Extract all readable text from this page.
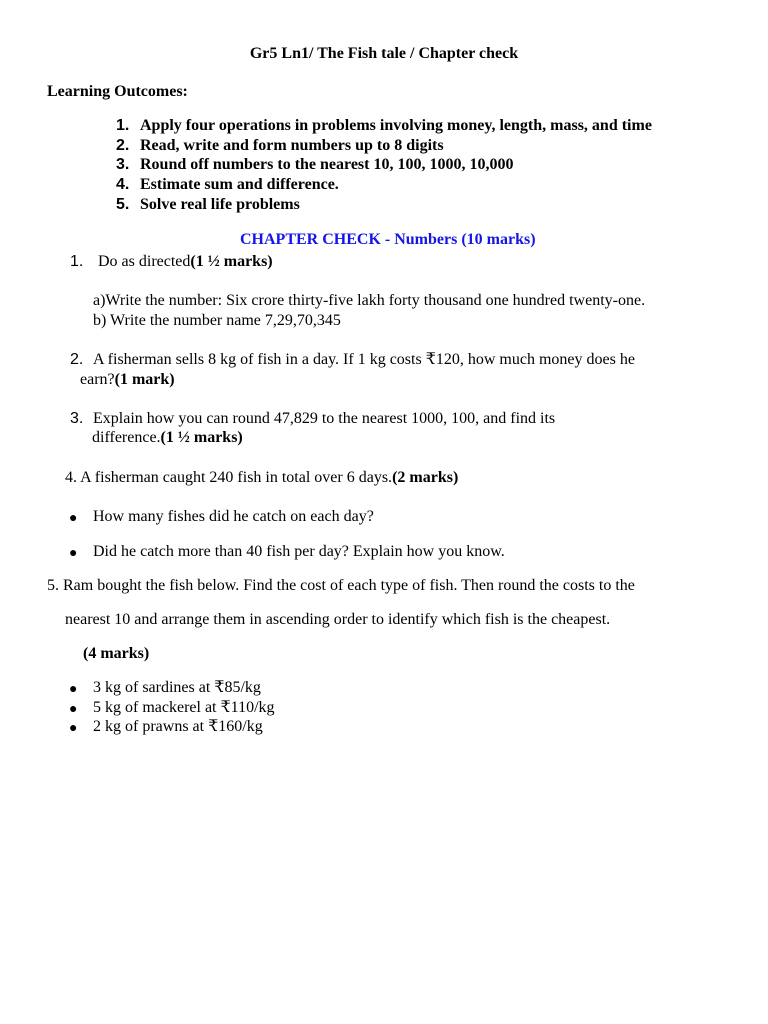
Gr5 Ln1/ The Fish tale / Chapter check
Learning Outcomes:
1. Apply four operations in problems involving money, length, mass, and time
2. Read, write and form numbers up to 8 digits
3. Round off numbers to the nearest 10, 100, 1000, 10,000
4. Estimate sum and difference.
5. Solve real life problems
CHAPTER CHECK - Numbers (10 marks)
1. Do as directed(1 ½ marks)
a)Write the number: Six crore thirty-five lakh forty thousand one hundred twenty-one.
b) Write the number name 7,29,70,345
2. A fisherman sells 8 kg of fish in a day. If 1 kg costs ₹120, how much money does he
earn?(1 mark)
3. Explain how you can round 47,829 to the nearest 1000, 100, and find its
difference.(1 ½ marks)
4. A fisherman caught 240 fish in total over 6 days.(2 marks)
● How many fishes did he catch on each day?
● Did he catch more than 40 fish per day? Explain how you know.
5. Ram bought the fish below. Find the cost of each type of fish. Then round the costs to the
nearest 10 and arrange them in ascending order to identify which fish is the cheapest.
(4 marks)
● 3 kg of sardines at ₹85/kg
● 5 kg of mackerel at ₹110/kg
● 2 kg of prawns at ₹160/kg
